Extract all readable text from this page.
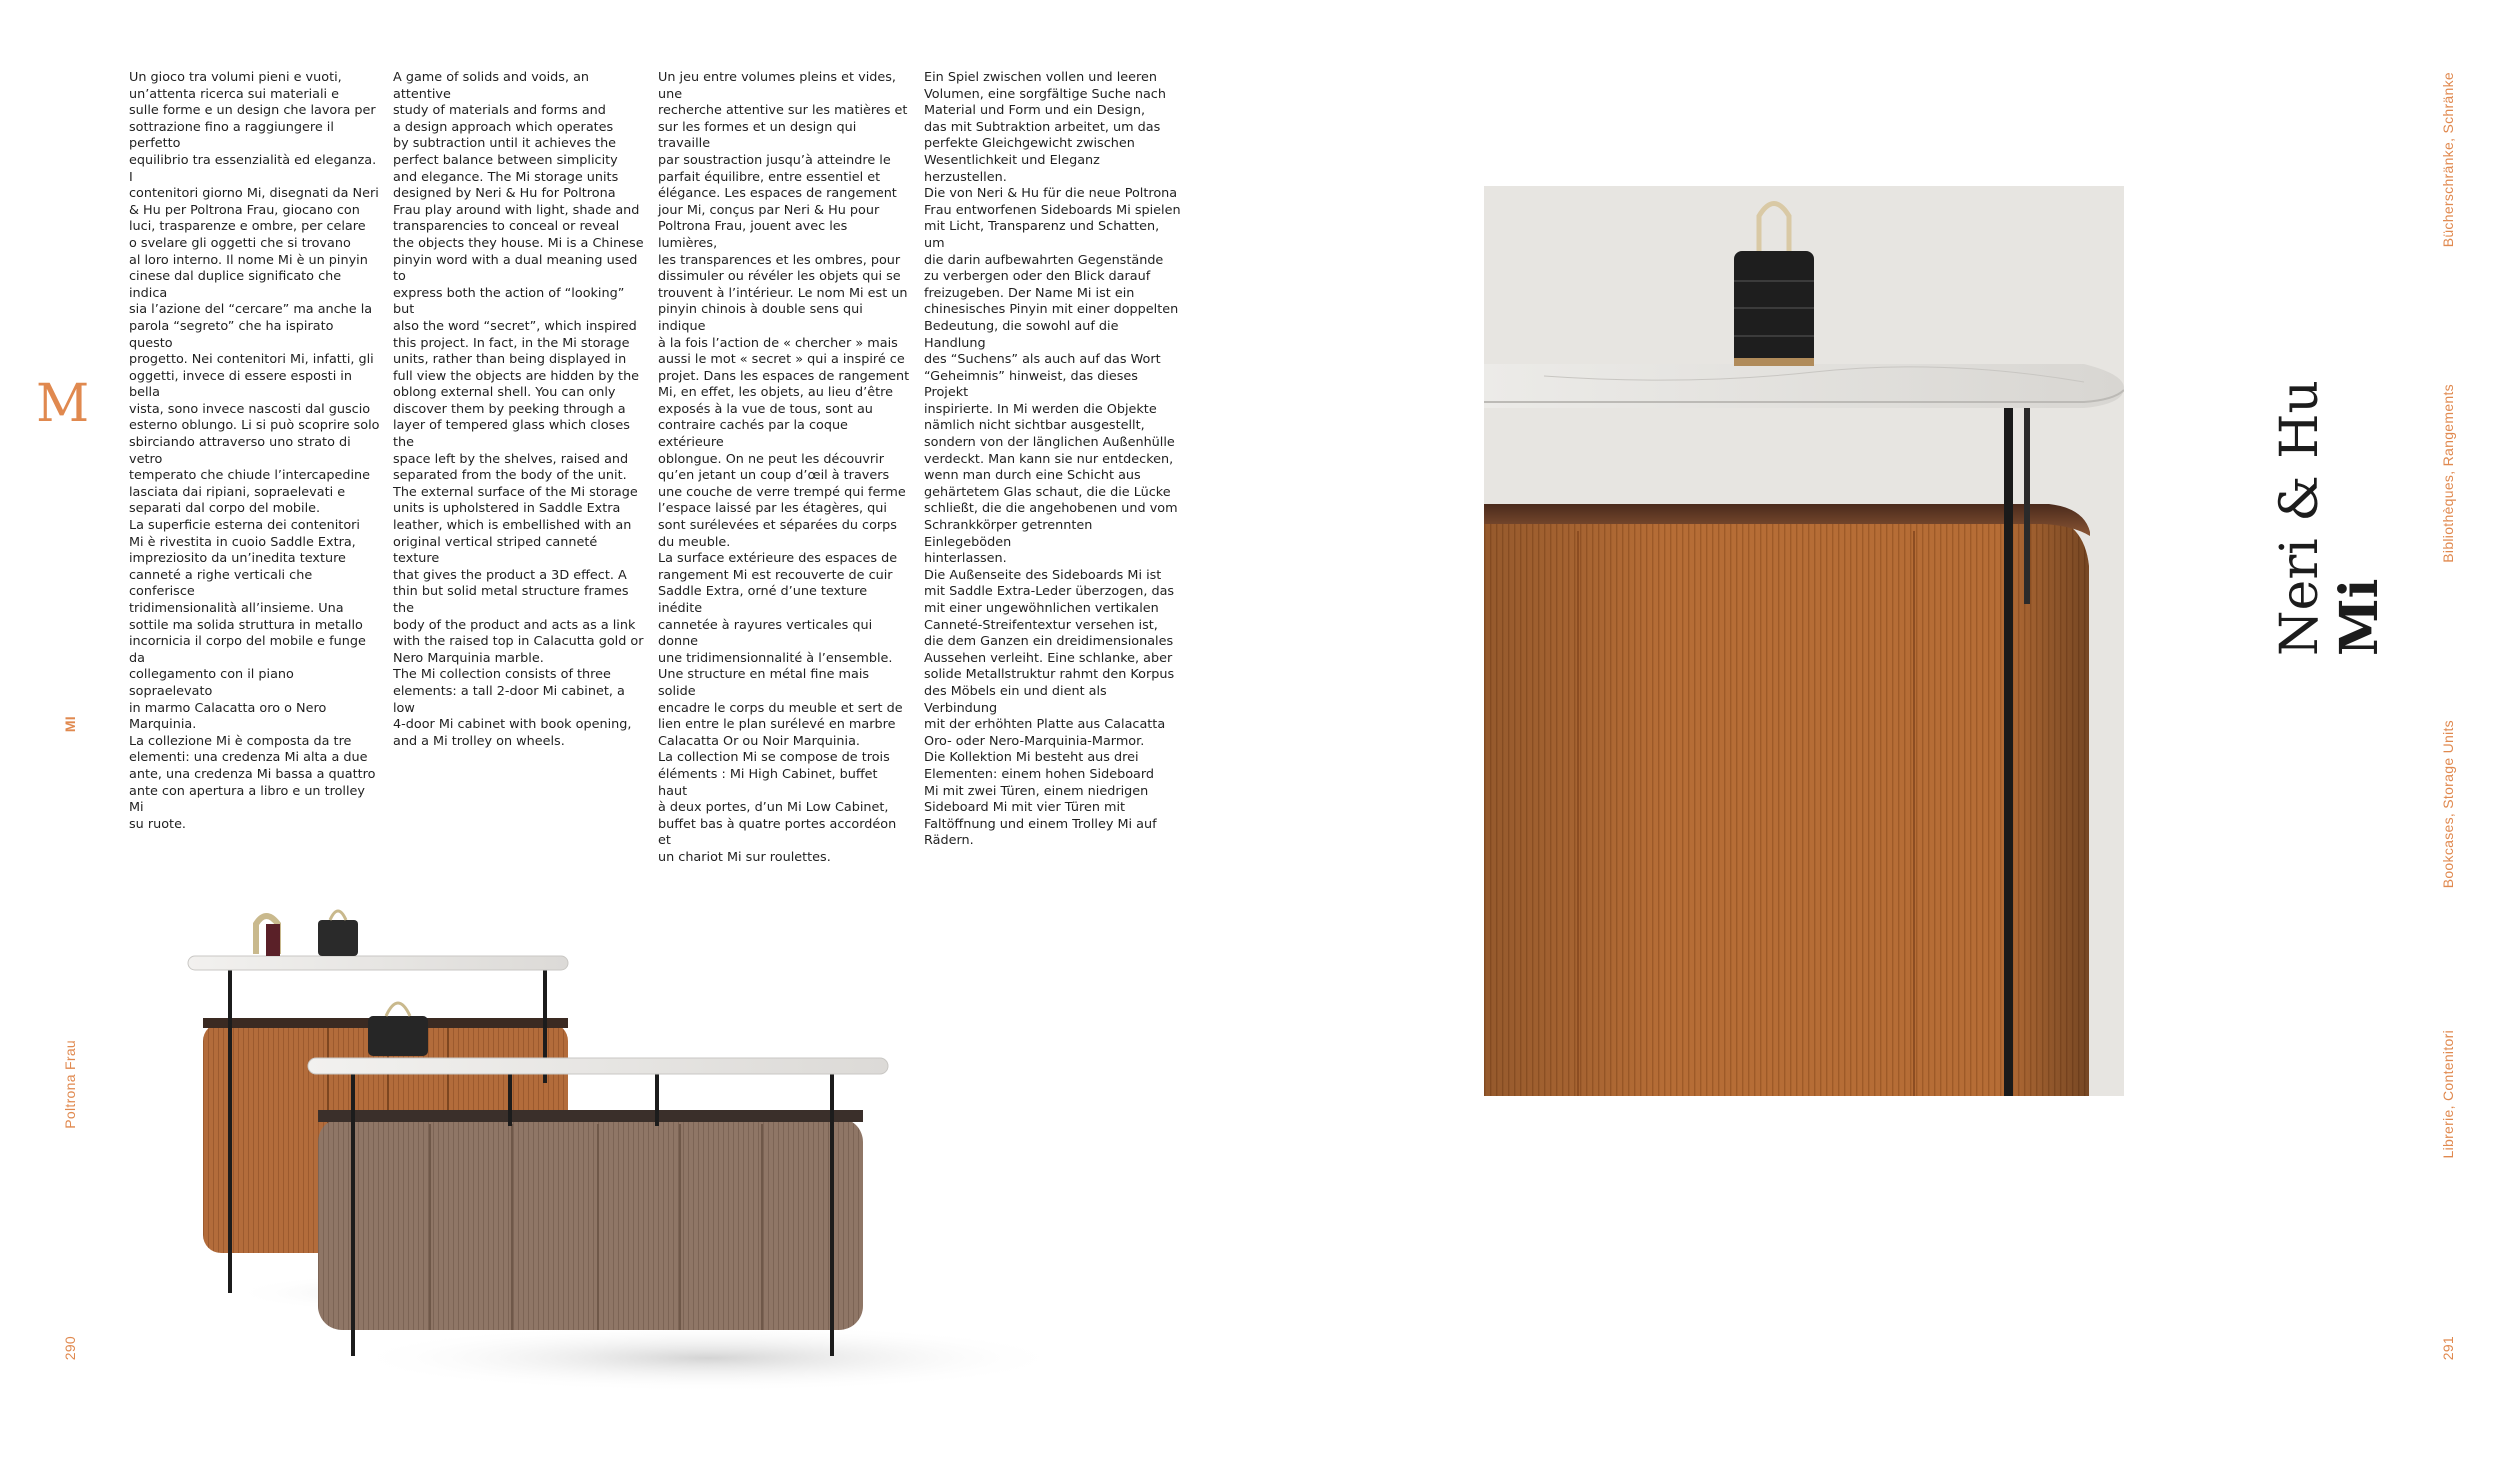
M
MI
Poltrona Frau
290
Un gioco tra volumi pieni e vuoti,
un’attenta ricerca sui materiali e
sulle forme e un design che lavora per
sottrazione fino a raggiungere il perfetto
equilibrio tra essenzialità ed eleganza. I
contenitori giorno Mi, disegnati da Neri
& Hu per Poltrona Frau, giocano con
luci, trasparenze e ombre, per celare
o svelare gli oggetti che si trovano
al loro interno. Il nome Mi è un pinyin
cinese dal duplice significato che indica
sia l’azione del “cercare” ma anche la
parola “segreto” che ha ispirato questo
progetto. Nei contenitori Mi, infatti, gli
oggetti, invece di essere esposti in bella
vista, sono invece nascosti dal guscio
esterno oblungo. Li si può scoprire solo
sbirciando attraverso uno strato di vetro
temperato che chiude l’intercapedine
lasciata dai ripiani, sopraelevati e
separati dal corpo del mobile.
La superficie esterna dei contenitori
Mi è rivestita in cuoio Saddle Extra,
impreziosito da un’inedita texture
canneté a righe verticali che conferisce
tridimensionalità all’insieme. Una
sottile ma solida struttura in metallo
incornicia il corpo del mobile e funge da
collegamento con il piano sopraelevato
in marmo Calacatta oro o Nero
Marquinia.
La collezione Mi è composta da tre
elementi: una credenza Mi alta a due
ante, una credenza Mi bassa a quattro
ante con apertura a libro e un trolley Mi
su ruote.
A game of solids and voids, an attentive
study of materials and forms and
a design approach which operates
by subtraction until it achieves the
perfect balance between simplicity
and elegance. The Mi storage units
designed by Neri & Hu for Poltrona
Frau play around with light, shade and
transparencies to conceal or reveal
the objects they house. Mi is a Chinese
pinyin word with a dual meaning used to
express both the action of “looking” but
also the word “secret”, which inspired
this project. In fact, in the Mi storage
units, rather than being displayed in
full view the objects are hidden by the
oblong external shell. You can only
discover them by peeking through a
layer of tempered glass which closes the
space left by the shelves, raised and
separated from the body of the unit.
The external surface of the Mi storage
units is upholstered in Saddle Extra
leather, which is embellished with an
original vertical striped canneté texture
that gives the product a 3D effect. A
thin but solid metal structure frames the
body of the product and acts as a link
with the raised top in Calacutta gold or
Nero Marquinia marble.
The Mi collection consists of three
elements: a tall 2-door Mi cabinet, a low
4-door Mi cabinet with book opening,
and a Mi trolley on wheels.
Un jeu entre volumes pleins et vides, une
recherche attentive sur les matières et
sur les formes et un design qui travaille
par soustraction jusqu’à atteindre le
parfait équilibre, entre essentiel et
élégance. Les espaces de rangement
jour Mi, conçus par Neri & Hu pour
Poltrona Frau, jouent avec les lumières,
les transparences et les ombres, pour
dissimuler ou révéler les objets qui se
trouvent à l’intérieur. Le nom Mi est un
pinyin chinois à double sens qui indique
à la fois l’action de « chercher » mais
aussi le mot « secret » qui a inspiré ce
projet. Dans les espaces de rangement
Mi, en effet, les objets, au lieu d’être
exposés à la vue de tous, sont au
contraire cachés par la coque extérieure
oblongue. On ne peut les découvrir
qu’en jetant un coup d’œil à travers
une couche de verre trempé qui ferme
l’espace laissé par les étagères, qui
sont surélevées et séparées du corps
du meuble.
La surface extérieure des espaces de
rangement Mi est recouverte de cuir
Saddle Extra, orné d’une texture inédite
cannetée à rayures verticales qui donne
une tridimensionnalité à l’ensemble.
Une structure en métal fine mais solide
encadre le corps du meuble et sert de
lien entre le plan surélevé en marbre
Calacatta Or ou Noir Marquinia.
La collection Mi se compose de trois
éléments : Mi High Cabinet, buffet haut
à deux portes, d’un Mi Low Cabinet,
buffet bas à quatre portes accordéon et
un chariot Mi sur roulettes.
Ein Spiel zwischen vollen und leeren
Volumen, eine sorgfältige Suche nach
Material und Form und ein Design,
das mit Subtraktion arbeitet, um das
perfekte Gleichgewicht zwischen
Wesentlichkeit und Eleganz herzustellen.
Die von Neri & Hu für die neue Poltrona
Frau entworfenen Sideboards Mi spielen
mit Licht, Transparenz und Schatten, um
die darin aufbewahrten Gegenstände
zu verbergen oder den Blick darauf
freizugeben. Der Name Mi ist ein
chinesisches Pinyin mit einer doppelten
Bedeutung, die sowohl auf die Handlung
des “Suchens” als auch auf das Wort
“Geheimnis” hinweist, das dieses Projekt
inspirierte. In Mi werden die Objekte
nämlich nicht sichtbar ausgestellt,
sondern von der länglichen Außenhülle
verdeckt. Man kann sie nur entdecken,
wenn man durch eine Schicht aus
gehärtetem Glas schaut, die die Lücke
schließt, die die angehobenen und vom
Schrankkörper getrennten Einlegeböden
hinterlassen.
Die Außenseite des Sideboards Mi ist
mit Saddle Extra-Leder überzogen, das
mit einer ungewöhnlichen vertikalen
Canneté-Streifentextur versehen ist,
die dem Ganzen ein dreidimensionales
Aussehen verleiht. Eine schlanke, aber
solide Metallstruktur rahmt den Korpus
des Möbels ein und dient als Verbindung
mit der erhöhten Platte aus Calacatta
Oro- oder Nero-Marquinia-Marmor.
Die Kollektion Mi besteht aus drei
Elementen: einem hohen Sideboard
Mi mit zwei Türen, einem niedrigen
Sideboard Mi mit vier Türen mit
Faltöffnung und einem Trolley Mi auf
Rädern.
Neri & Hu Mi
Bücherschränke, Schränke
Bibliothèques, Rangements
Bookcases, Storage Units
Librerie, Contenitori
291
